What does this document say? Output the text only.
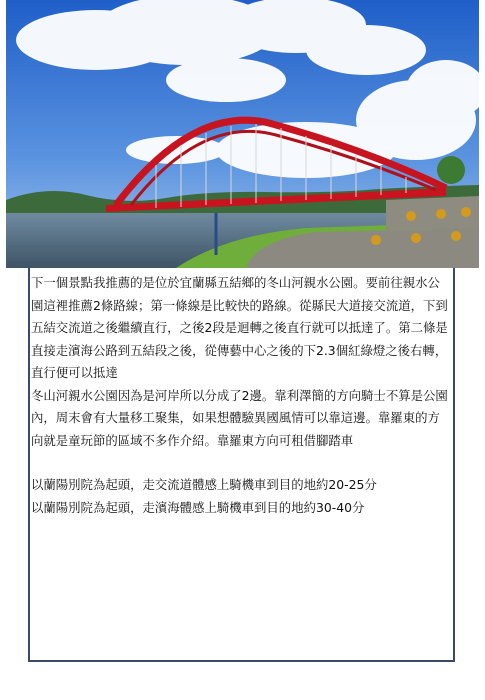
下一個景點我推薦的是位於宜蘭縣五結鄉的冬山河親水公園。要前往親水公園這裡推薦2條路線；第一條線是比較快的路線。從縣民大道接交流道，下到五結交流道之後繼續直行，之後2段是迴轉之後直行就可以抵達了。第二條是直接走濱海公路到五結段之後，從傳藝中心之後的下2.3個紅綠燈之後右轉，直行便可以抵達

冬山河親水公園因為是河岸所以分成了2邊。靠利澤簡的方向騎士不算是公園內，周末會有大量移工聚集，如果想體驗異國風情可以靠這邊。靠羅東的方向就是童玩節的區域不多作介紹。靠羅東方向可租借腳踏車

以蘭陽別院為起頭，走交流道體感上騎機車到目的地約20-25分

以蘭陽別院為起頭，走濱海體感上騎機車到目的地約30-40分
